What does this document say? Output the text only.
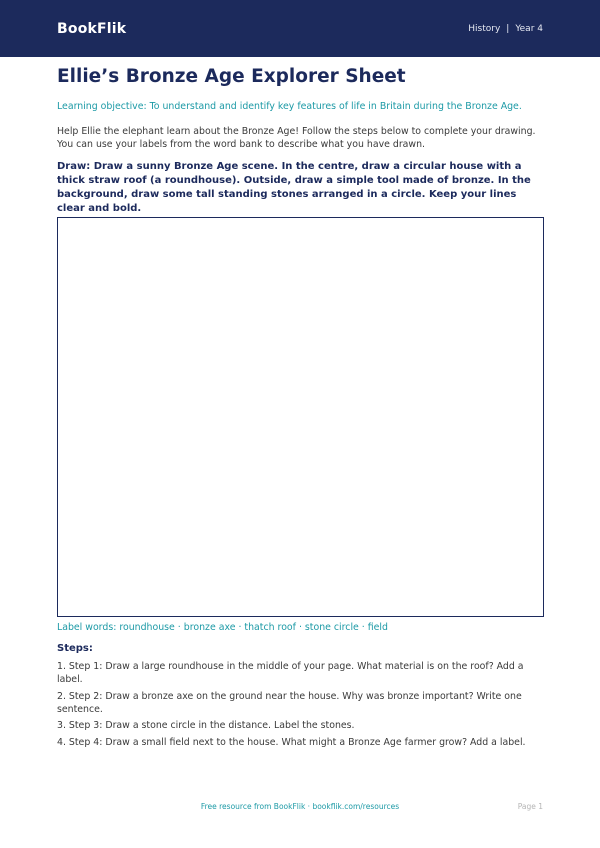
BookFlik	History | Year 4
Ellie’s Bronze Age Explorer Sheet

Learning objective: To understand and identify key features of life in Britain during the Bronze Age.

Help Ellie the elephant learn about the Bronze Age! Follow the steps below to complete your drawing. You can use your labels from the word bank to describe what you have drawn.

Draw: Draw a sunny Bronze Age scene. In the centre, draw a circular house with a thick straw roof (a roundhouse). Outside, draw a simple tool made of bronze. In the background, draw some tall standing stones arranged in a circle. Keep your lines clear and bold.

Label words: roundhouse · bronze axe · thatch roof · stone circle · field

Steps:
1. Step 1: Draw a large roundhouse in the middle of your page. What material is on the roof? Add a label.
2. Step 2: Draw a bronze axe on the ground near the house. Why was bronze important? Write one sentence.
3. Step 3: Draw a stone circle in the distance. Label the stones.
4. Step 4: Draw a small field next to the house. What might a Bronze Age farmer grow? Add a label.
Free resource from BookFlik · bookflik.com/resources	Page 1
